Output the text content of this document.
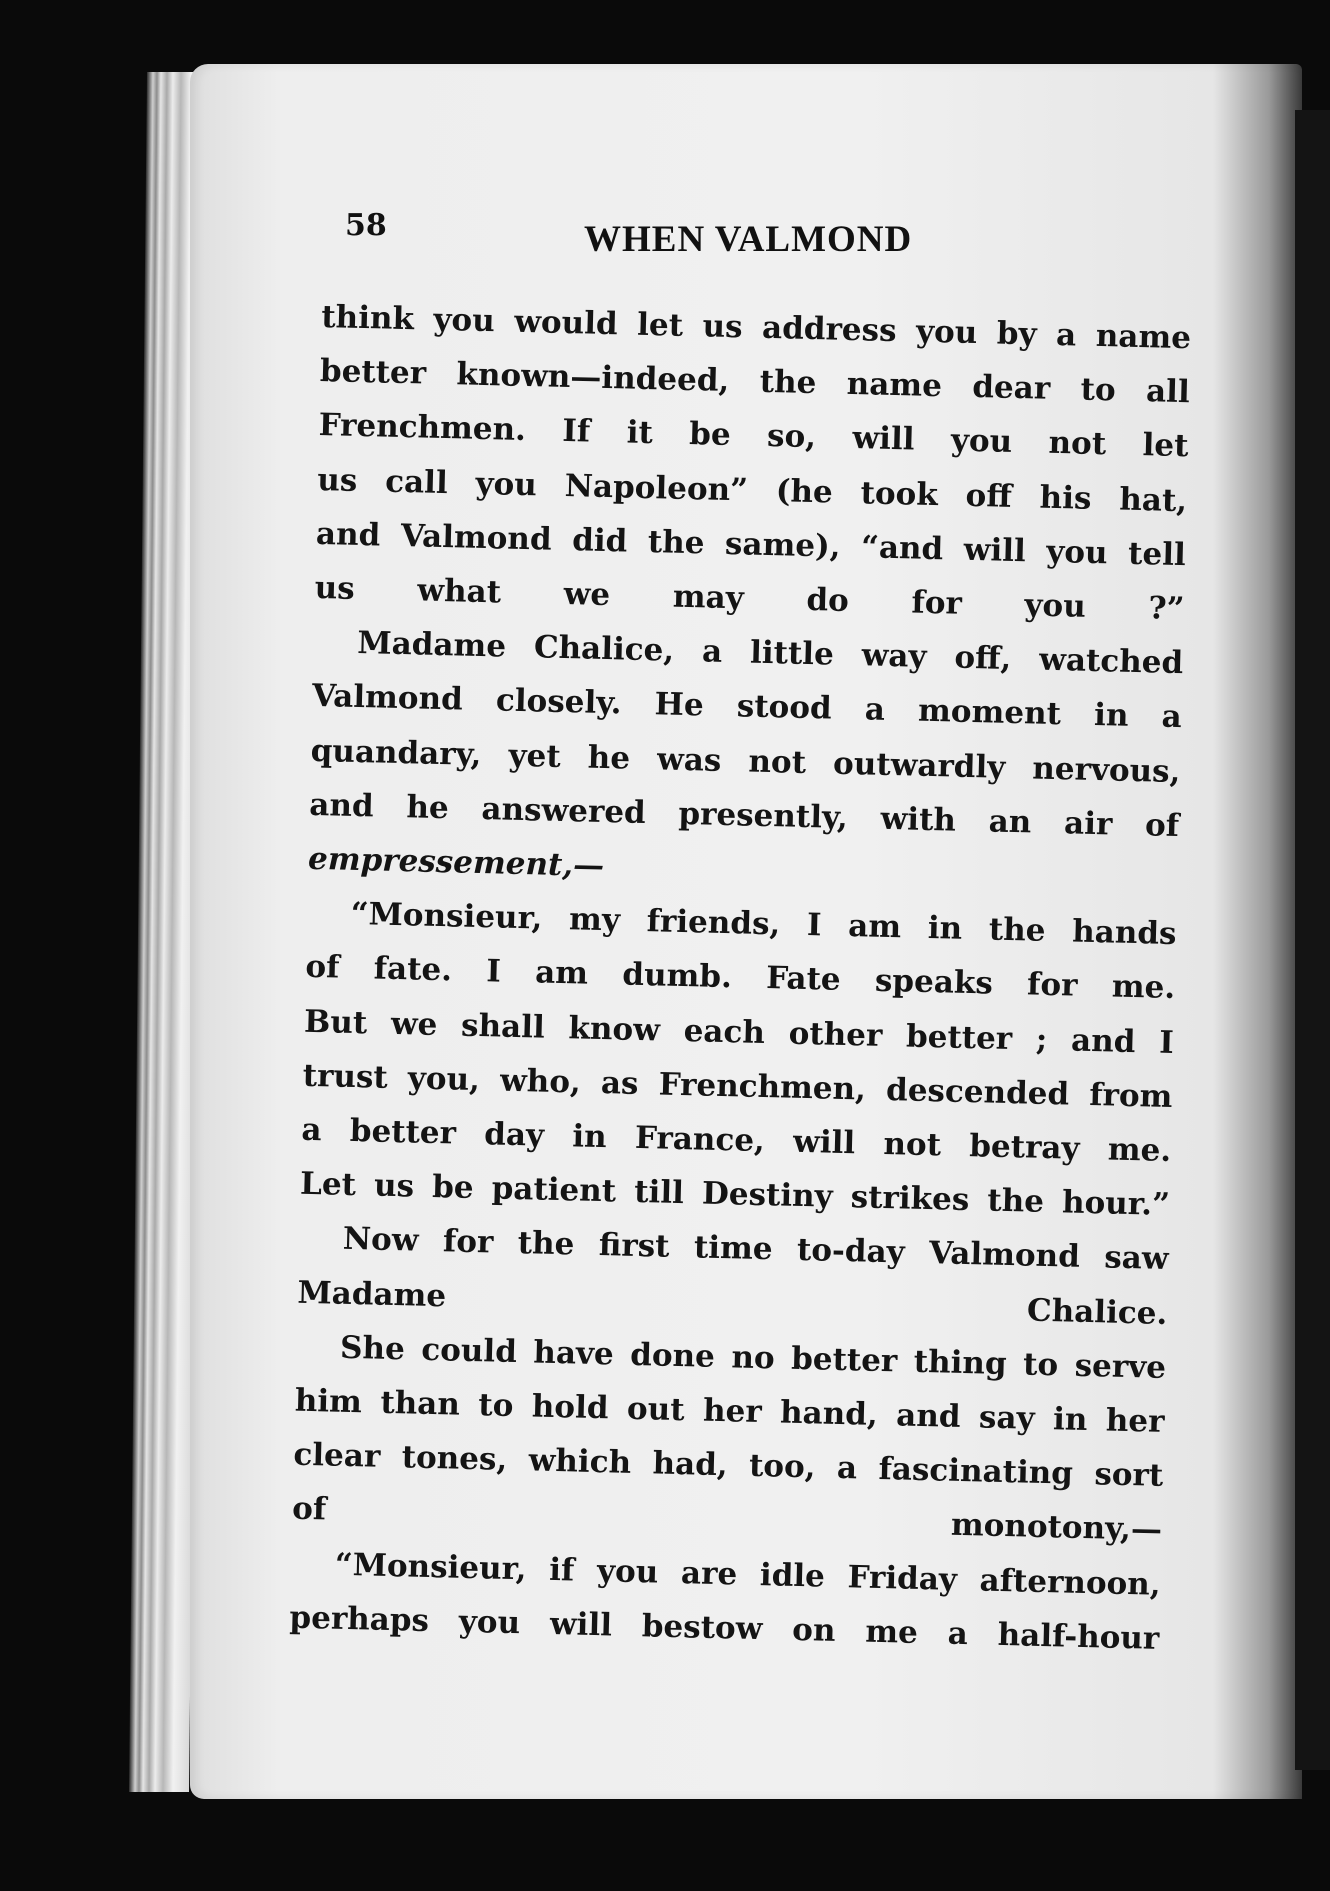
58	WHEN VALMOND

think you would let us address you by a name
better known—indeed, the name dear to all
Frenchmen. If it be so, will you not let
us call you Napoleon” (he took off his hat,
and Valmond did the same), “and will you tell
us what we may do for you ?”
Madame Chalice, a little way off, watched
Valmond closely. He stood a moment in a
quandary, yet he was not outwardly nervous,
and he answered presently, with an air of
empressement,—
“Monsieur, my friends, I am in the hands
of fate. I am dumb. Fate speaks for me.
But we shall know each other better ; and I
trust you, who, as Frenchmen, descended from
a better day in France, will not betray me.
Let us be patient till Destiny strikes the hour.”
Now for the first time to-day Valmond saw
Madame Chalice.
She could have done no better thing to serve
him than to hold out her hand, and say in her
clear tones, which had, too, a fascinating sort
of monotony,—
“Monsieur, if you are idle Friday afternoon,
perhaps you will bestow on me a half-hour
